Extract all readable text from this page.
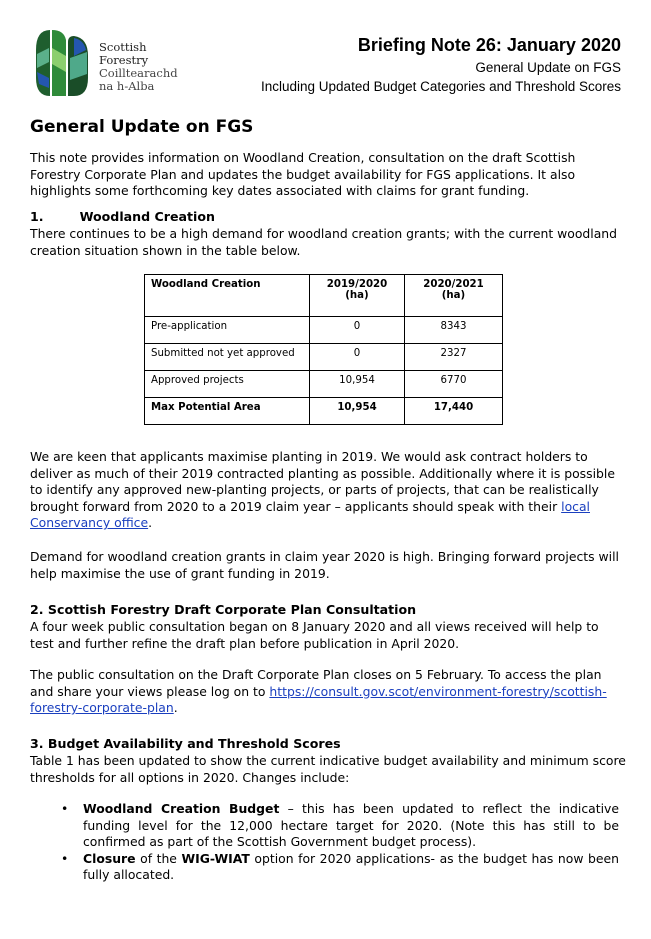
Scottish
Forestry
Coilltearachd
na h-Alba
Briefing Note 26: January 2020
General Update on FGS
Including Updated Budget Categories and Threshold Scores
General Update on FGS

This note provides information on Woodland Creation, consultation on the draft Scottish Forestry Corporate Plan and updates the budget availability for FGS applications. It also highlights some forthcoming key dates associated with claims for grant funding.

1.	Woodland Creation

There continues to be a high demand for woodland creation grants; with the current woodland creation situation shown in the table below.

Woodland Creation	2019/2020 (ha)	2020/2021 (ha)
Pre-application	0	8343
Submitted not yet approved	0	2327
Approved projects	10,954	6770
Max Potential Area	10,954	17,440

We are keen that applicants maximise planting in 2019. We would ask contract holders to deliver as much of their 2019 contracted planting as possible. Additionally where it is possible to identify any approved new-planting projects, or parts of projects, that can be realistically brought forward from 2020 to a 2019 claim year – applicants should speak with their local Conservancy office.

Demand for woodland creation grants in claim year 2020 is high. Bringing forward projects will help maximise the use of grant funding in 2019.

2. Scottish Forestry Draft Corporate Plan Consultation

A four week public consultation began on 8 January 2020 and all views received will help to test and further refine the draft plan before publication in April 2020.

The public consultation on the Draft Corporate Plan closes on 5 February. To access the plan and share your views please log on to https://consult.gov.scot/environment-forestry/scottish-forestry-corporate-plan.

3. Budget Availability and Threshold Scores

Table 1 has been updated to show the current indicative budget availability and minimum score thresholds for all options in 2020. Changes include:

• Woodland Creation Budget – this has been updated to reflect the indicative funding level for the 12,000 hectare target for 2020. (Note this has still to be confirmed as part of the Scottish Government budget process).
• Closure of the WIG-WIAT option for 2020 applications- as the budget has now been fully allocated.
